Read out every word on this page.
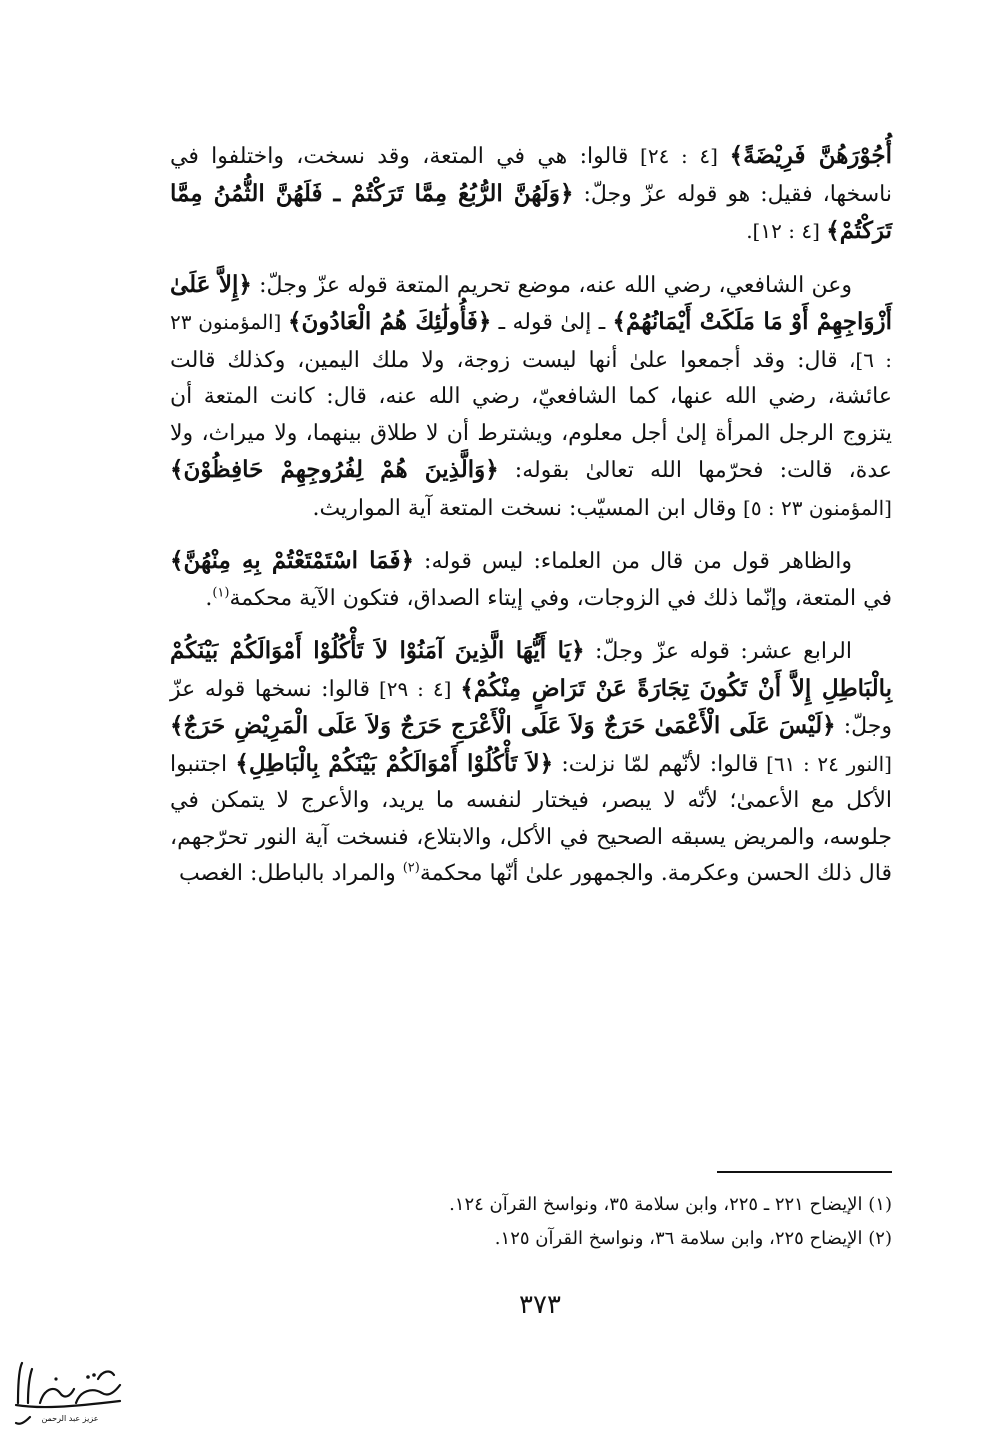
أُجُوْرَهُنَّ فَرِيْضَةً﴾ [٤ : ٢٤] قالوا: هي في المتعة، وقد نسخت، واختلفوا في ناسخها، فقيل: هو قوله عزّ وجلّ: ﴿وَلَهُنَّ الرُّبُعُ مِمَّا تَرَكْتُمْ ـ فَلَهُنَّ الثُّمُنُ مِمَّا تَرَكْتُمْ﴾ [٤ : ١٢].

وعن الشافعي، رضي الله عنه، موضع تحريم المتعة قوله عزّ وجلّ: ﴿إِلاَّ عَلَىٰ أَزْوَاجِهِمْ أَوْ مَا مَلَكَتْ أَيْمَانُهُمْ﴾ ـ إلىٰ قوله ـ ﴿فَأُولَٰئِكَ هُمُ الْعَادُونَ﴾ [المؤمنون ٢٣ : ٦]، قال: وقد أجمعوا علىٰ أنها ليست زوجة، ولا ملك اليمين، وكذلك قالت عائشة، رضي الله عنها، كما الشافعيّ، رضي الله عنه، قال: كانت المتعة أن يتزوج الرجل المرأة إلىٰ أجل معلوم، ويشترط أن لا طلاق بينهما، ولا ميراث، ولا عدة، قالت: فحرّمها الله تعالىٰ بقوله: ﴿وَالَّذِينَ هُمْ لِفُرُوجِهِمْ حَافِظُوْنَ﴾ [المؤمنون ٢٣ : ٥] وقال ابن المسيّب: نسخت المتعة آية المواريث.

والظاهر قول من قال من العلماء: ليس قوله: ﴿فَمَا اسْتَمْتَعْتُمْ بِهِ مِنْهُنَّ﴾ في المتعة، وإنّما ذلك في الزوجات، وفي إيتاء الصداق، فتكون الآية محكمة$^{(١)}$.

الرابع عشر: قوله عزّ وجلّ: ﴿يَا أَيُّهَا الَّذِينَ آمَنُوْا لاَ تَأْكُلُوْا أَمْوَالَكُمْ بَيْنَكُمْ بِالْبَاطِلِ إِلاَّ أَنْ تَكُونَ تِجَارَةً عَنْ تَرَاضٍ مِنْكُمْ﴾ [٤ : ٢٩] قالوا: نسخها قوله عزّ وجلّ: ﴿لَيْسَ عَلَى الْأَعْمَىٰ حَرَجٌ وَلاَ عَلَى الْأَعْرَجِ حَرَجٌ وَلاَ عَلَى الْمَرِيْضِ حَرَجٌ﴾ [النور ٢٤ : ٦١] قالوا: لأنّهم لمّا نزلت: ﴿لاَ تَأْكُلُوْا أَمْوَالَكُمْ بَيْنَكُمْ بِالْبَاطِلِ﴾ اجتنبوا الأكل مع الأعمىٰ؛ لأنّه لا يبصر، فيختار لنفسه ما يريد، والأعرج لا يتمكن في جلوسه، والمريض يسبقه الصحيح في الأكل، والابتلاع، فنسخت آية النور تحرّجهم، قال ذلك الحسن وعكرمة. والجمهور علىٰ أنّها محكمة$^{(٢)}$ والمراد بالباطل: الغصب

(١) الإيضاح ٢٢١ ـ ٢٢٥، وابن سلامة ٣٥، ونواسخ القرآن ١٢٤.

(٢) الإيضاح ٢٢٥، وابن سلامة ٣٦، ونواسخ القرآن ١٢٥.

٣٧٣
عزيز عبد الرحمن
